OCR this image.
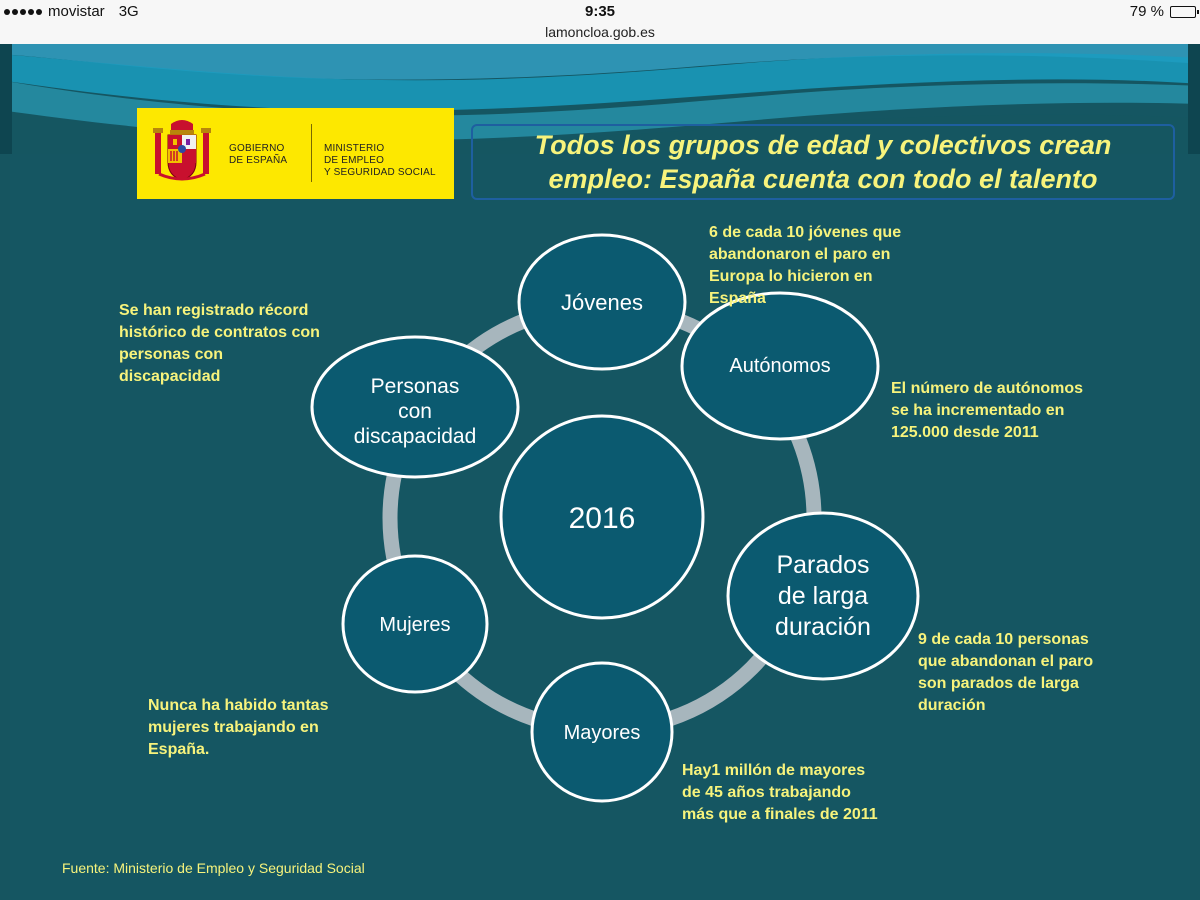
movistar 3G	9:35	79 %
lamoncloa.gob.es
GOBIERNO
DE ESPAÑA
MINISTERIO
DE EMPLEO
Y SEGURIDAD SOCIAL
Todos los grupos de edad y colectivos crean
empleo: España cuenta con todo el talento
2016
Jóvenes
Autónomos
Parados
de larga
duración
Mayores
Mujeres
Personas
con
discapacidad
6 de cada 10 jóvenes que
abandonaron el paro en
Europa lo hicieron en
España
El número de autónomos
se ha incrementado en
125.000 desde 2011
9 de cada 10 personas
que abandonan el paro
son parados de larga
duración
Hay1 millón de mayores
de 45 años trabajando
más que a finales de 2011
Nunca ha habido tantas
mujeres trabajando en
España.
Se han registrado récord
histórico de contratos con
personas con
discapacidad
Fuente: Ministerio de Empleo y Seguridad Social
